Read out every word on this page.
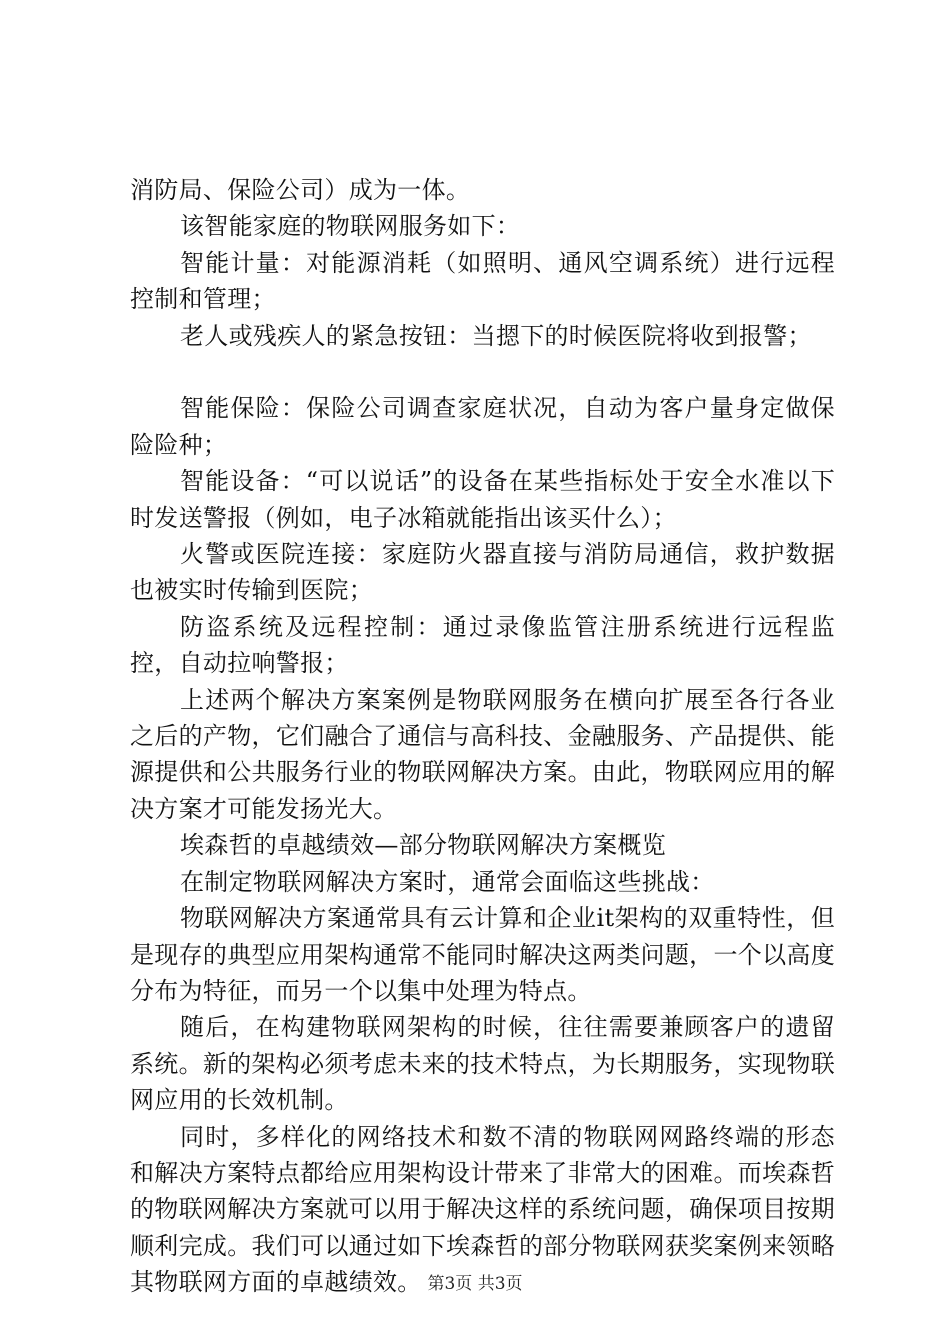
消防局、保险公司）成为一体。

该智能家庭的物联网服务如下：

智能计量：对能源消耗（如照明、通风空调系统）进行远程控制和管理；

老人或残疾人的紧急按钮：当摁下的时候医院将收到报警；

智能保险：保险公司调查家庭状况，自动为客户量身定做保险险种；

智能设备：“可以说话”的设备在某些指标处于安全水准以下时发送警报（例如，电子冰箱就能指出该买什么）；

火警或医院连接：家庭防火器直接与消防局通信，救护数据也被实时传输到医院；

防盗系统及远程控制：通过录像监管注册系统进行远程监控，自动拉响警报；

上述两个解决方案案例是物联网服务在横向扩展至各行各业之后的产物，它们融合了通信与高科技、金融服务、产品提供、能源提供和公共服务行业的物联网解决方案。由此，物联网应用的解决方案才可能发扬光大。

埃森哲的卓越绩效—部分物联网解决方案概览

在制定物联网解决方案时，通常会面临这些挑战：

物联网解决方案通常具有云计算和企业it架构的双重特性，但是现存的典型应用架构通常不能同时解决这两类问题，一个以高度分布为特征，而另一个以集中处理为特点。

随后，在构建物联网架构的时候，往往需要兼顾客户的遗留系统。新的架构必须考虑未来的技术特点，为长期服务，实现物联网应用的长效机制。

同时，多样化的网络技术和数不清的物联网网路终端的形态和解决方案特点都给应用架构设计带来了非常大的困难。而埃森哲的物联网解决方案就可以用于解决这样的系统问题，确保项目按期顺利完成。我们可以通过如下埃森哲的部分物联网获奖案例来领略其物联网方面的卓越绩效。 第3页 共3页
